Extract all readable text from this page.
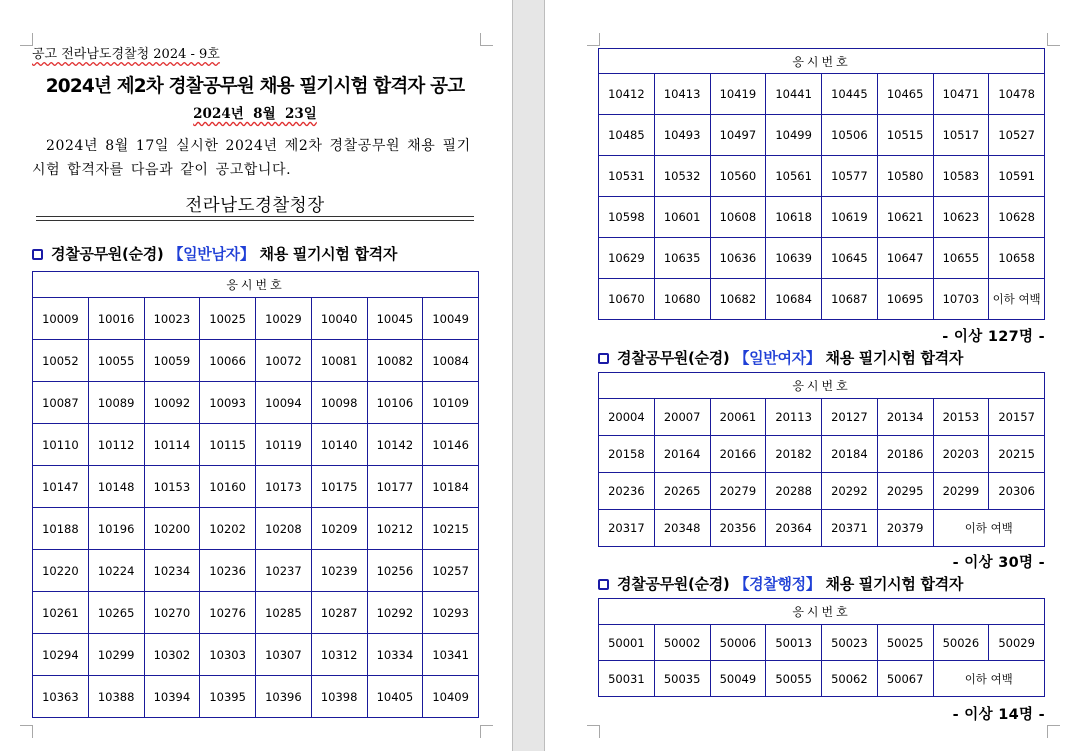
공고 전라남도경찰청 2024 - 9호
2024년 제2차 경찰공무원 채용 필기시험 합격자 공고
2024년  8월  23일
2024년 8월 17일 실시한 2024년 제2차 경찰공무원 채용 필기시험 합격자를 다음과 같이 공고합니다.
전라남도경찰청장
경찰공무원(순경) 【일반남자】 채용 필기시험 합격자
응시번호							
10009	10016	10023	10025	10029	10040	10045	10049
10052	10055	10059	10066	10072	10081	10082	10084
10087	10089	10092	10093	10094	10098	10106	10109
10110	10112	10114	10115	10119	10140	10142	10146
10147	10148	10153	10160	10173	10175	10177	10184
10188	10196	10200	10202	10208	10209	10212	10215
10220	10224	10234	10236	10237	10239	10256	10257
10261	10265	10270	10276	10285	10287	10292	10293
10294	10299	10302	10303	10307	10312	10334	10341
10363	10388	10394	10395	10396	10398	10405	10409
응시번호							
10412	10413	10419	10441	10445	10465	10471	10478
10485	10493	10497	10499	10506	10515	10517	10527
10531	10532	10560	10561	10577	10580	10583	10591
10598	10601	10608	10618	10619	10621	10623	10628
10629	10635	10636	10639	10645	10647	10655	10658
10670	10680	10682	10684	10687	10695	10703	이하 여백
- 이상 127명 -
경찰공무원(순경) 【일반여자】 채용 필기시험 합격자
응시번호							
20004	20007	20061	20113	20127	20134	20153	20157
20158	20164	20166	20182	20184	20186	20203	20215
20236	20265	20279	20288	20292	20295	20299	20306
20317	20348	20356	20364	20371	20379	이하 여백	
- 이상 30명 -
경찰공무원(순경) 【경찰행정】 채용 필기시험 합격자
응시번호							
50001	50002	50006	50013	50023	50025	50026	50029
50031	50035	50049	50055	50062	50067	이하 여백	
- 이상 14명 -
